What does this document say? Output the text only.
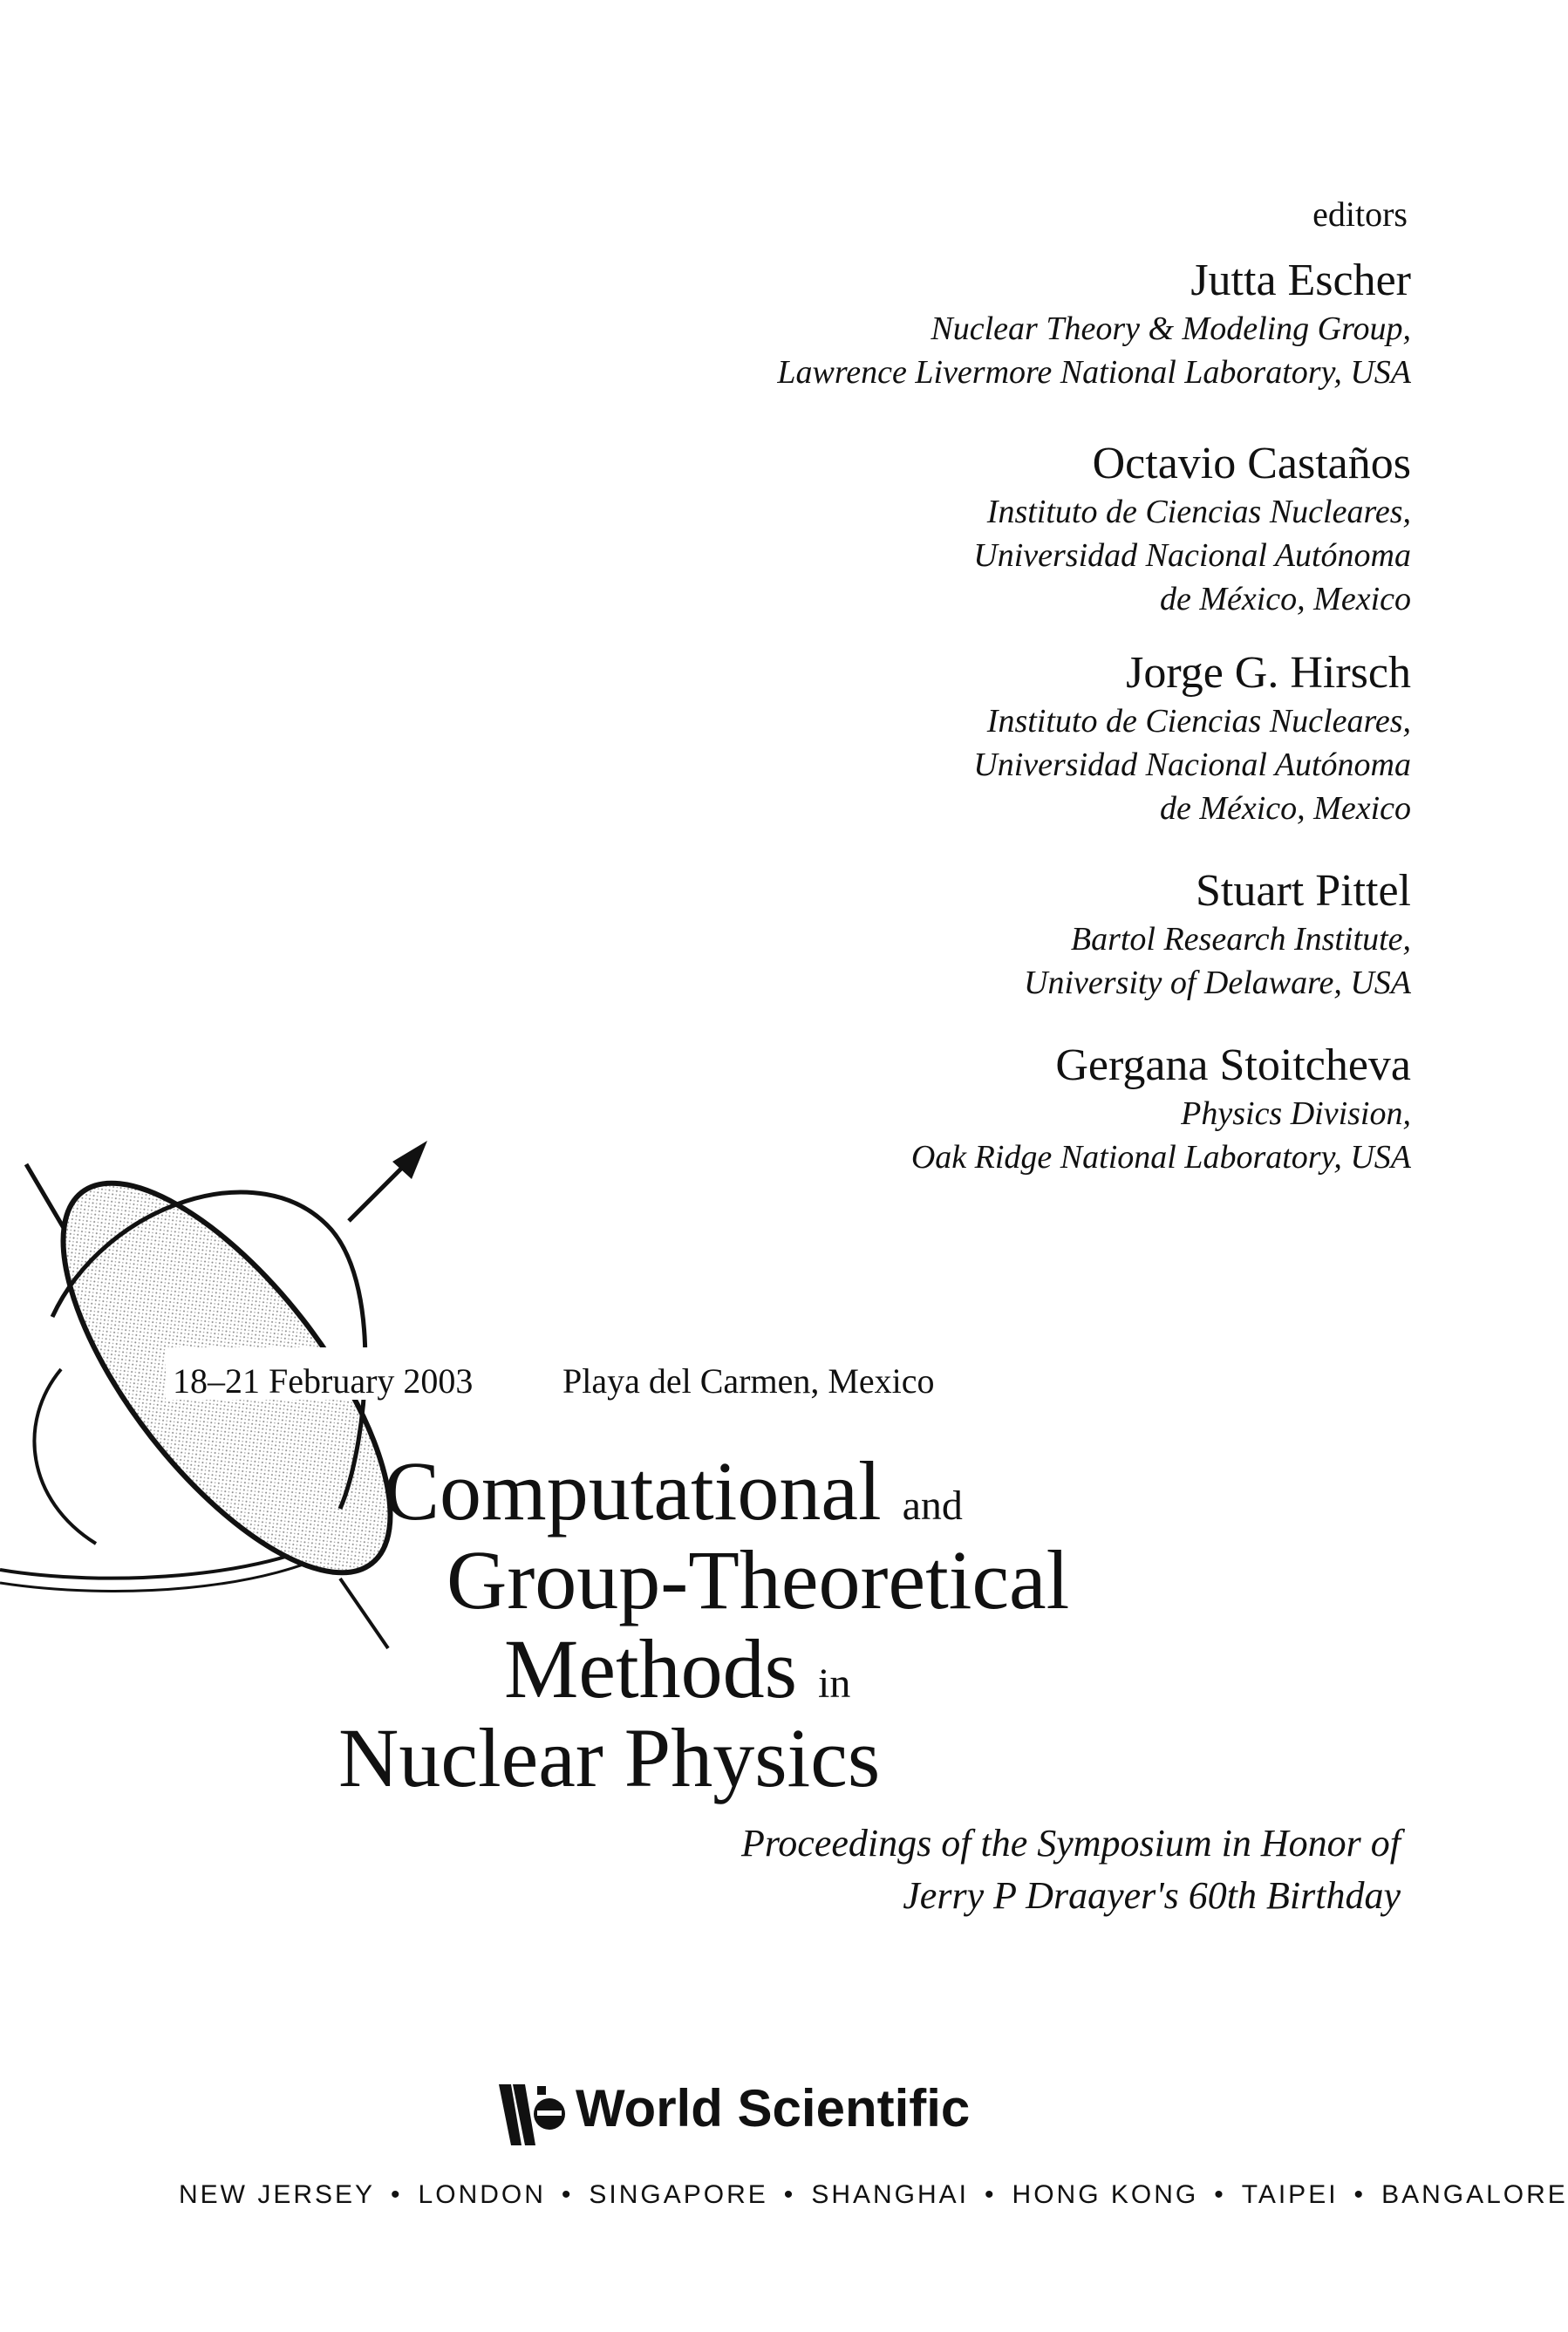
editors
Jutta Escher
Nuclear Theory & Modeling Group,
Lawrence Livermore National Laboratory, USA
Octavio Castaños
Instituto de Ciencias Nucleares,
Universidad Nacional Autónoma
de México, Mexico
Jorge G. Hirsch
Instituto de Ciencias Nucleares,
Universidad Nacional Autónoma
de México, Mexico
Stuart Pittel
Bartol Research Institute,
University of Delaware, USA
Gergana Stoitcheva
Physics Division,
Oak Ridge National Laboratory, USA
18–21 February 2003	Playa del Carmen, Mexico
Computational and
Group-Theoretical
Methods in
Nuclear Physics
Proceedings of the Symposium in Honor of
Jerry P Draayer's 60th Birthday
World Scientific
NEW JERSEY • LONDON • SINGAPORE • SHANGHAI • HONG KONG • TAIPEI • BANGALORE
